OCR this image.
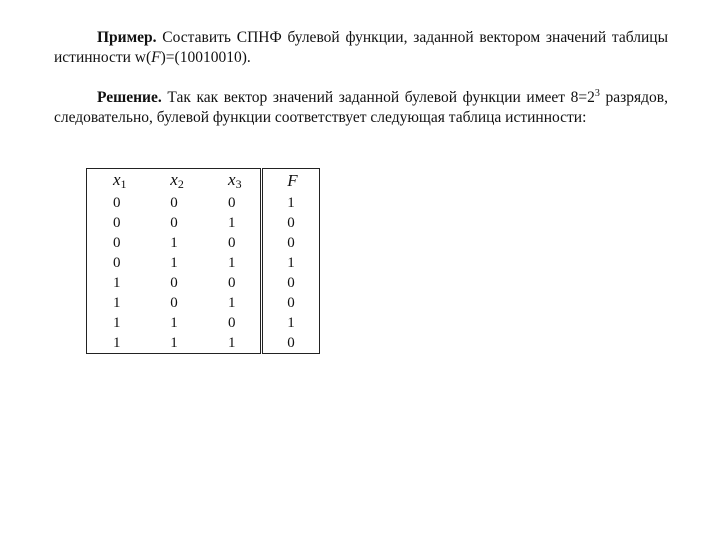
Пример. Составить СПНФ булевой функции, заданной вектором значений таблицы истинности w(F)=(10010010).

Решение. Так как вектор значений заданной булевой функции имеет $8=2^3$ разрядов, следовательно, булевой функции соответствует следующая таблица истинности:

$x_1$	$x_2$	$x_3$	F
0	0	0	1
0	0	1	0
0	1	0	0
0	1	1	1
1	0	0	0
1	0	1	0
1	1	0	1
1	1	1	0
